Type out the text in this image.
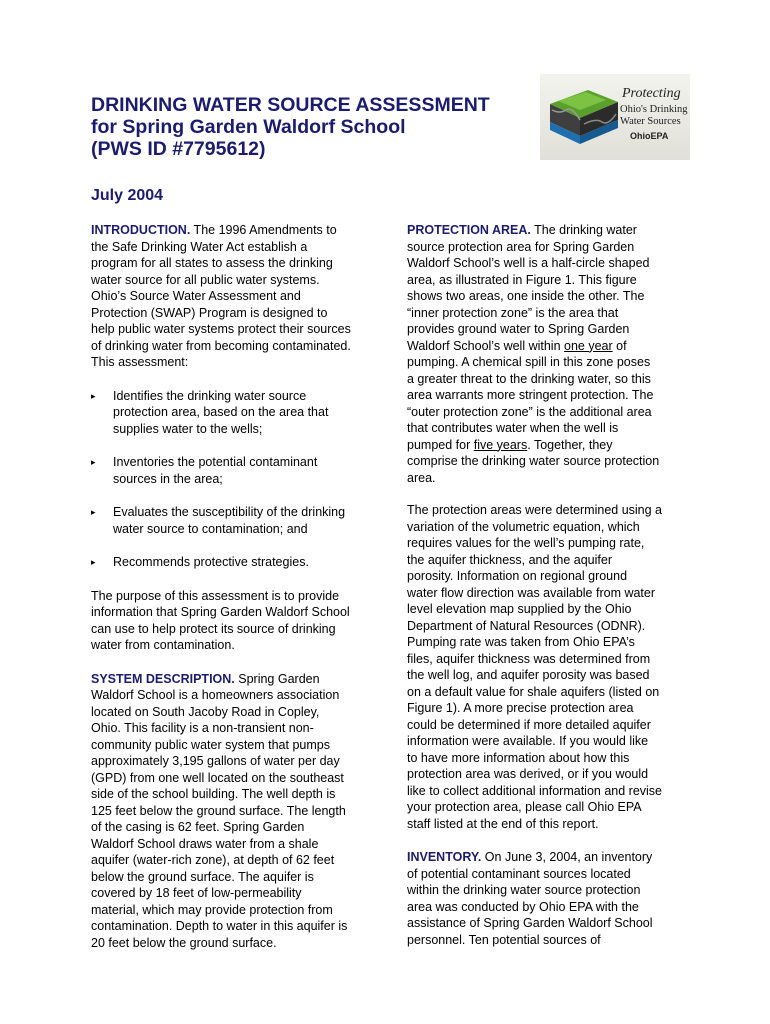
DRINKING WATER SOURCE ASSESSMENT
for Spring Garden Waldorf School
(PWS ID #7795612)
July 2004
Protecting
Ohio's Drinking
Water Sources
OhioEPA
INTRODUCTION. The 1996 Amendments to
the Safe Drinking Water Act establish a
program for all states to assess the drinking
water source for all public water systems.
Ohio’s Source Water Assessment and
Protection (SWAP) Program is designed to
help public water systems protect their sources
of drinking water from becoming contaminated.
This assessment:
▸ Identifies the drinking water source
protection area, based on the area that
supplies water to the wells;
▸ Inventories the potential contaminant
sources in the area;
▸ Evaluates the susceptibility of the drinking
water source to contamination; and
▸ Recommends protective strategies.
The purpose of this assessment is to provide
information that Spring Garden Waldorf School
can use to help protect its source of drinking
water from contamination.
SYSTEM DESCRIPTION. Spring Garden
Waldorf School is a homeowners association
located on South Jacoby Road in Copley,
Ohio. This facility is a non-transient non-
community public water system that pumps
approximately 3,195 gallons of water per day
(GPD) from one well located on the southeast
side of the school building. The well depth is
125 feet below the ground surface. The length
of the casing is 62 feet. Spring Garden
Waldorf School draws water from a shale
aquifer (water-rich zone), at depth of 62 feet
below the ground surface. The aquifer is
covered by 18 feet of low-permeability
material, which may provide protection from
contamination. Depth to water in this aquifer is
20 feet below the ground surface.
PROTECTION AREA. The drinking water
source protection area for Spring Garden
Waldorf School’s well is a half-circle shaped
area, as illustrated in Figure 1. This figure
shows two areas, one inside the other. The
“inner protection zone” is the area that
provides ground water to Spring Garden
Waldorf School’s well within one year of
pumping. A chemical spill in this zone poses
a greater threat to the drinking water, so this
area warrants more stringent protection. The
“outer protection zone” is the additional area
that contributes water when the well is
pumped for five years. Together, they
comprise the drinking water source protection
area.
The protection areas were determined using a
variation of the volumetric equation, which
requires values for the well’s pumping rate,
the aquifer thickness, and the aquifer
porosity. Information on regional ground
water flow direction was available from water
level elevation map supplied by the Ohio
Department of Natural Resources (ODNR).
Pumping rate was taken from Ohio EPA’s
files, aquifer thickness was determined from
the well log, and aquifer porosity was based
on a default value for shale aquifers (listed on
Figure 1). A more precise protection area
could be determined if more detailed aquifer
information were available. If you would like
to have more information about how this
protection area was derived, or if you would
like to collect additional information and revise
your protection area, please call Ohio EPA
staff listed at the end of this report.
INVENTORY. On June 3, 2004, an inventory
of potential contaminant sources located
within the drinking water source protection
area was conducted by Ohio EPA with the
assistance of Spring Garden Waldorf School
personnel. Ten potential sources of
